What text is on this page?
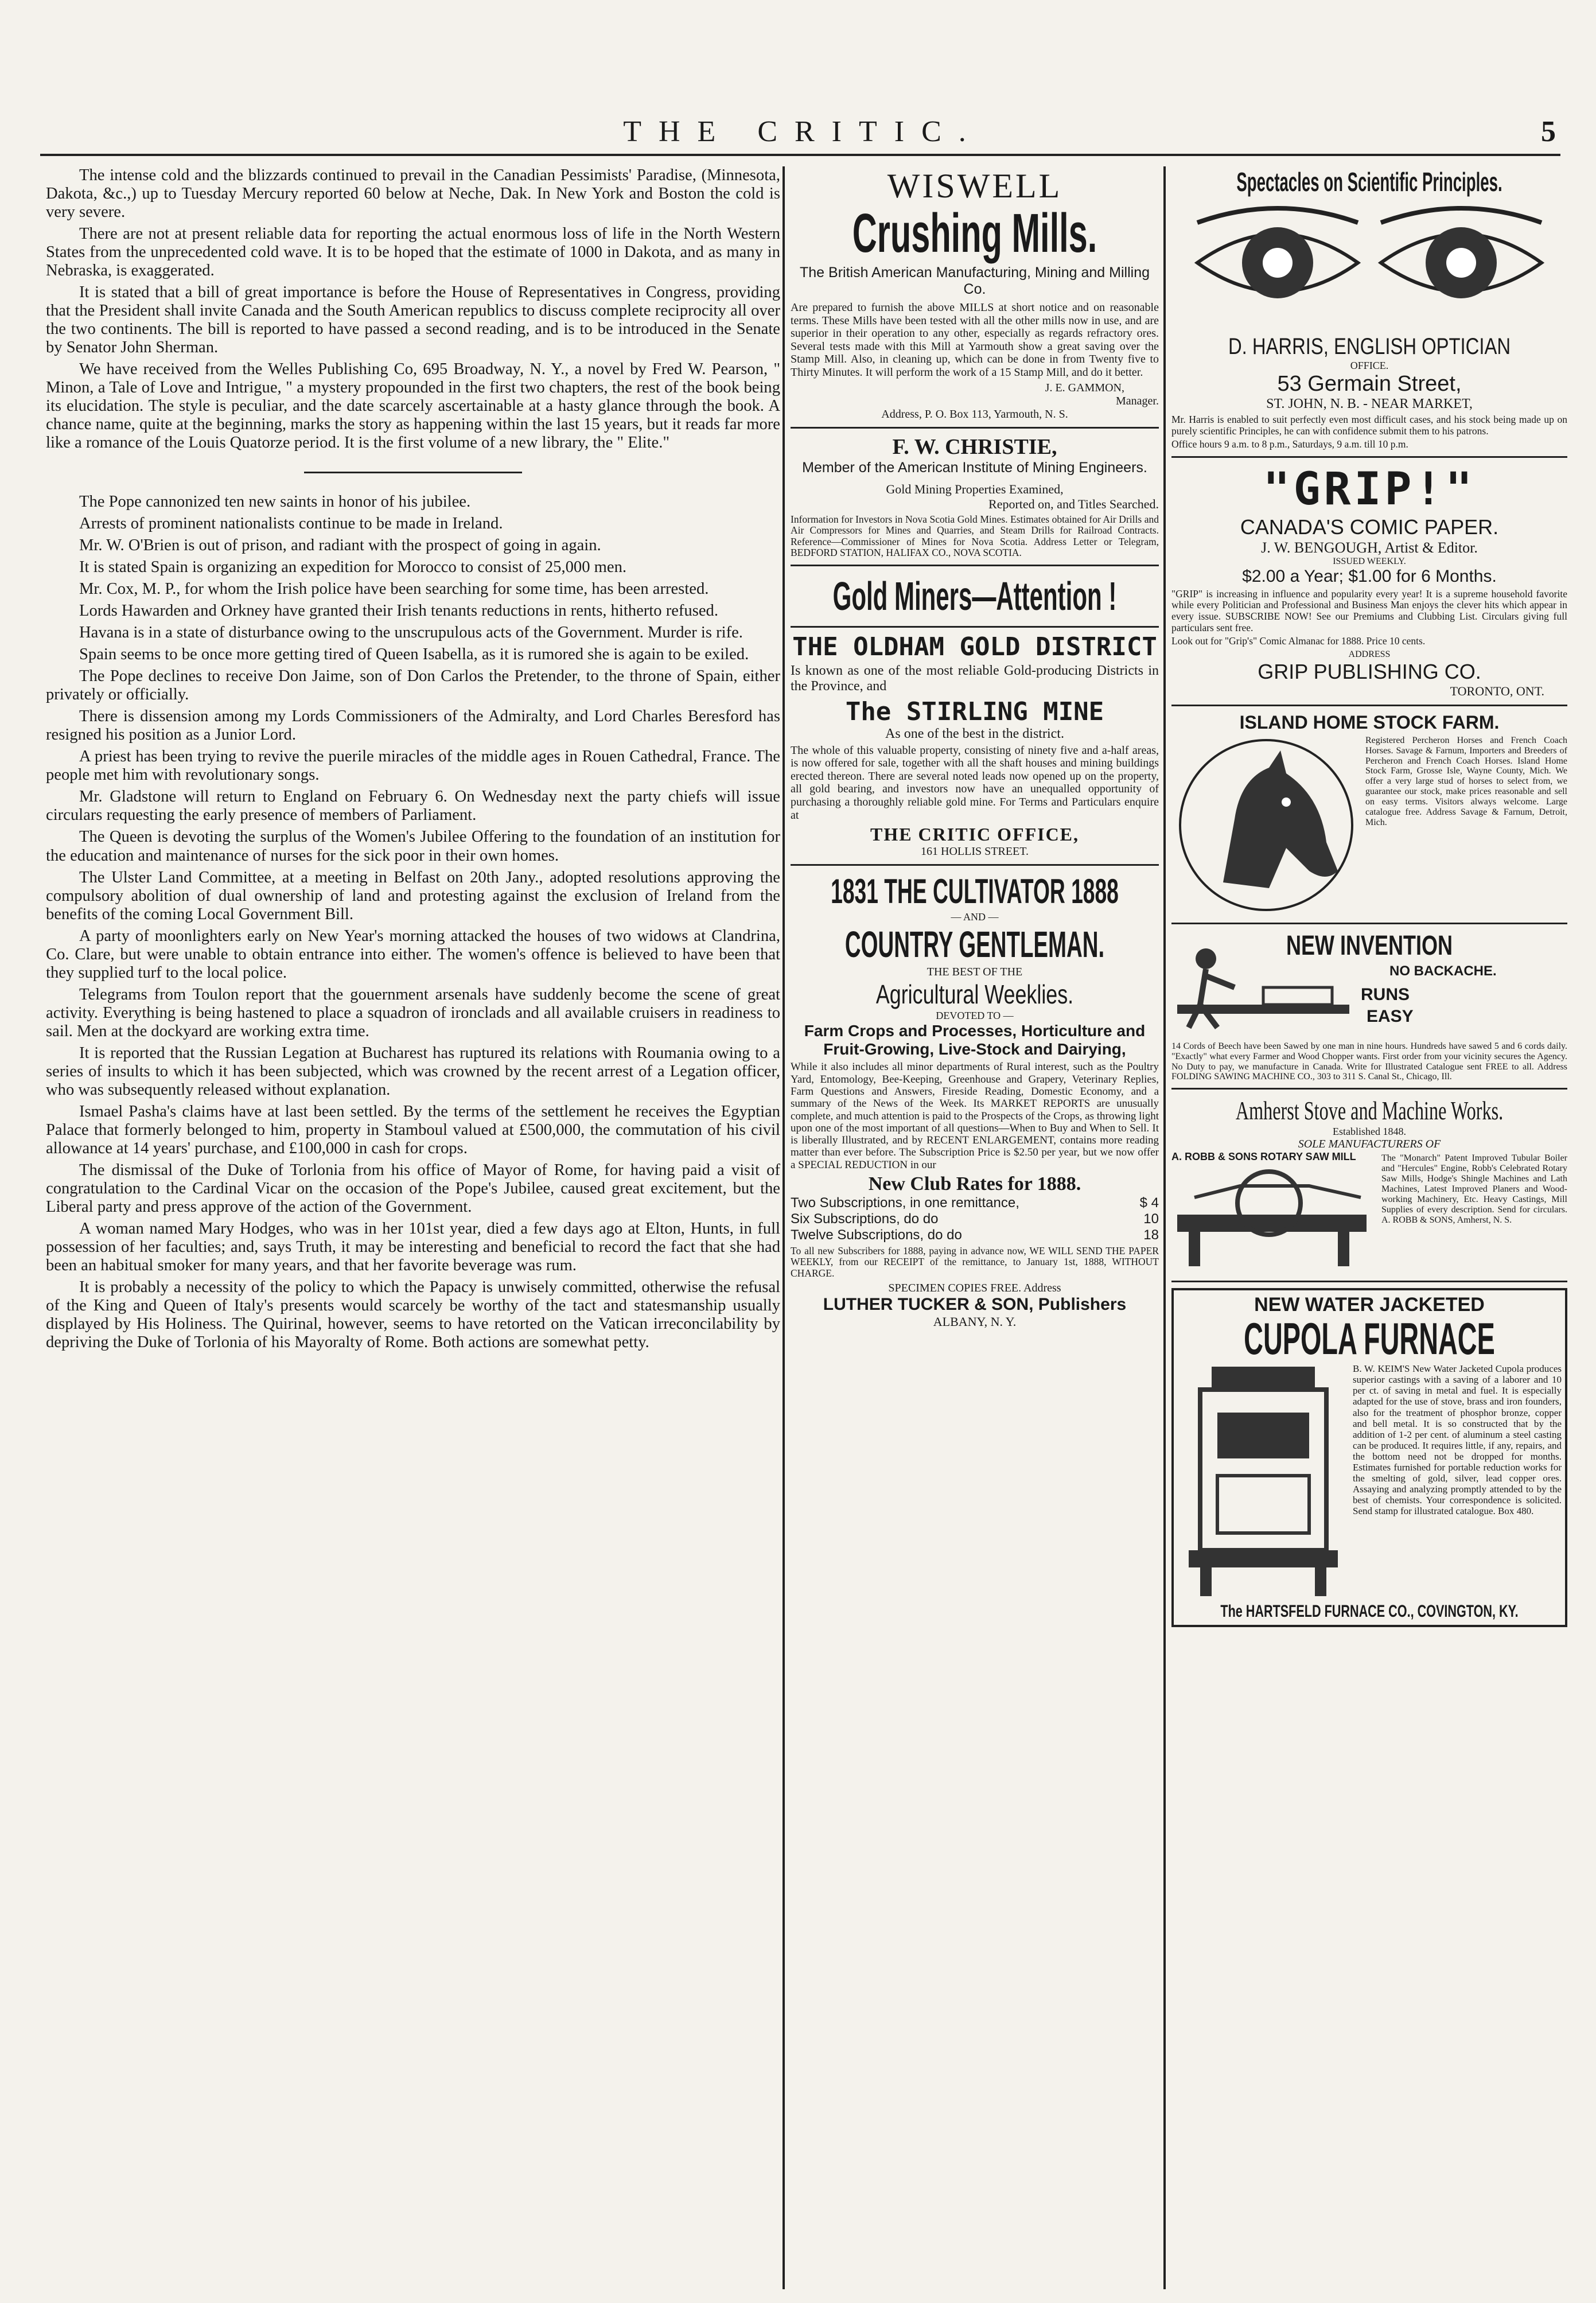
THE CRITIC.	5

The intense cold and the blizzards continued to prevail in the Canadian Pessimists' Paradise, (Minnesota, Dakota, &c.,) up to Tuesday Mercury reported 60 below at Neche, Dak. In New York and Boston the cold is very severe.

There are not at present reliable data for reporting the actual enormous loss of life in the North Western States from the unprecedented cold wave. It is to be hoped that the estimate of 1000 in Dakota, and as many in Nebraska, is exaggerated.

It is stated that a bill of great importance is before the House of Representatives in Congress, providing that the President shall invite Canada and the South American republics to discuss complete reciprocity all over the two continents. The bill is reported to have passed a second reading, and is to be introduced in the Senate by Senator John Sherman.

We have received from the Welles Publishing Co, 695 Broadway, N. Y., a novel by Fred W. Pearson, " Minon, a Tale of Love and Intrigue, " a mystery propounded in the first two chapters, the rest of the book being its elucidation. The style is peculiar, and the date scarcely ascertainable at a hasty glance through the book. A chance name, quite at the beginning, marks the story as happening within the last 15 years, but it reads far more like a romance of the Louis Quatorze period. It is the first volume of a new library, the " Elite."

The Pope cannonized ten new saints in honor of his jubilee.

Arrests of prominent nationalists continue to be made in Ireland.

Mr. W. O'Brien is out of prison, and radiant with the prospect of going in again.

It is stated Spain is organizing an expedition for Morocco to consist of 25,000 men.

Mr. Cox, M. P., for whom the Irish police have been searching for some time, has been arrested.

Lords Hawarden and Orkney have granted their Irish tenants reductions in rents, hitherto refused.

Havana is in a state of disturbance owing to the unscrupulous acts of the Government. Murder is rife.

Spain seems to be once more getting tired of Queen Isabella, as it is rumored she is again to be exiled.

The Pope declines to receive Don Jaime, son of Don Carlos the Pretender, to the throne of Spain, either privately or officially.

There is dissension among my Lords Commissioners of the Admiralty, and Lord Charles Beresford has resigned his position as a Junior Lord.

A priest has been trying to revive the puerile miracles of the middle ages in Rouen Cathedral, France. The people met him with revolutionary songs.

Mr. Gladstone will return to England on February 6. On Wednesday next the party chiefs will issue circulars requesting the early presence of members of Parliament.

The Queen is devoting the surplus of the Women's Jubilee Offering to the foundation of an institution for the education and maintenance of nurses for the sick poor in their own homes.

The Ulster Land Committee, at a meeting in Belfast on 20th Jany., adopted resolutions approving the compulsory abolition of dual ownership of land and protesting against the exclusion of Ireland from the benefits of the coming Local Government Bill.

A party of moonlighters early on New Year's morning attacked the houses of two widows at Clandrina, Co. Clare, but were unable to obtain entrance into either. The women's offence is believed to have been that they supplied turf to the local police.

Telegrams from Toulon report that the gouernment arsenals have suddenly become the scene of great activity. Everything is being hastened to place a squadron of ironclads and all available cruisers in readiness to sail. Men at the dockyard are working extra time.

It is reported that the Russian Legation at Bucharest has ruptured its relations with Roumania owing to a series of insults to which it has been subjected, which was crowned by the recent arrest of a Legation officer, who was subsequently released without explanation.

Ismael Pasha's claims have at last been settled. By the terms of the settlement he receives the Egyptian Palace that formerly belonged to him, property in Stamboul valued at £500,000, the commutation of his civil allowance at 14 years' purchase, and £100,000 in cash for crops.

The dismissal of the Duke of Torlonia from his office of Mayor of Rome, for having paid a visit of congratulation to the Cardinal Vicar on the occasion of the Pope's Jubilee, caused great excitement, but the Liberal party and press approve of the action of the Government.

A woman named Mary Hodges, who was in her 101st year, died a few days ago at Elton, Hunts, in full possession of her faculties; and, says Truth, it may be interesting and beneficial to record the fact that she had been an habitual smoker for many years, and that her favorite beverage was rum.

It is probably a necessity of the policy to which the Papacy is unwisely committed, otherwise the refusal of the King and Queen of Italy's presents would scarcely be worthy of the tact and statesmanship usually displayed by His Holiness. The Quirinal, however, seems to have retorted on the Vatican irreconcilability by depriving the Duke of Torlonia of his Mayoralty of Rome. Both actions are somewhat petty.

WISWELL
Crushing Mills.
The British American Manufacturing, Mining and Milling Co.
Are prepared to furnish the above MILLS at short notice and on reasonable terms. These Mills have been tested with all the other mills now in use, and are superior in their operation to any other, especially as regards refractory ores. Several tests made with this Mill at Yarmouth show a great saving over the Stamp Mill. Also, in cleaning up, which can be done in from Twenty five to Thirty Minutes. It will perform the work of a 15 Stamp Mill, and do it better.
J. E. GAMMON,
Manager.
Address, P. O. Box 113, Yarmouth, N. S.
F. W. CHRISTIE,
Member of the American Institute of Mining Engineers.
Gold Mining Properties Examined,
Reported on, and Titles Searched.
Information for Investors in Nova Scotia Gold Mines. Estimates obtained for Air Drills and Air Compressors for Mines and Quarries, and Steam Drills for Railroad Contracts. Reference—Commissioner of Mines for Nova Scotia. Address Letter or Telegram, BEDFORD STATION, HALIFAX CO., NOVA SCOTIA.
Gold Miners—Attention !
THE OLDHAM GOLD DISTRICT
Is known as one of the most reliable Gold-producing Districts in the Province, and
The STIRLING MINE
As one of the best in the district.
The whole of this valuable property, consisting of ninety five and a-half areas, is now offered for sale, together with all the shaft houses and mining buildings erected thereon. There are several noted leads now opened up on the property, all gold bearing, and investors now have an unequalled opportunity of purchasing a thoroughly reliable gold mine. For Terms and Particulars enquire at
THE CRITIC OFFICE,
161 HOLLIS STREET.
1831 THE CULTIVATOR 1888
— AND —
COUNTRY GENTLEMAN.
THE BEST OF THE
Agricultural Weeklies.
DEVOTED TO —
Farm Crops and Processes, Horticulture and Fruit-Growing, Live-Stock and Dairying,
While it also includes all minor departments of Rural interest, such as the Poultry Yard, Entomology, Bee-Keeping, Greenhouse and Grapery, Veterinary Replies, Farm Questions and Answers, Fireside Reading, Domestic Economy, and a summary of the News of the Week. Its MARKET REPORTS are unusually complete, and much attention is paid to the Prospects of the Crops, as throwing light upon one of the most important of all questions—When to Buy and When to Sell. It is liberally Illustrated, and by RECENT ENLARGEMENT, contains more reading matter than ever before. The Subscription Price is $2.50 per year, but we now offer a SPECIAL REDUCTION in our
New Club Rates for 1888.
Two Subscriptions, in one remittance,	$ 4
Six Subscriptions, do do	10
Twelve Subscriptions, do do	18
To all new Subscribers for 1888, paying in advance now, WE WILL SEND THE PAPER WEEKLY, from our RECEIPT of the remittance, to January 1st, 1888, WITHOUT CHARGE.
SPECIMEN COPIES FREE. Address
LUTHER TUCKER & SON, Publishers
ALBANY, N. Y.
Spectacles on Scientific Principles.
D. HARRIS, ENGLISH OPTICIAN
OFFICE.
53 Germain Street,
ST. JOHN, N. B. - NEAR MARKET,
Mr. Harris is enabled to suit perfectly even most difficult cases, and his stock being made up on purely scientific Principles, he can with confidence submit them to his patrons.
Office hours 9 a.m. to 8 p.m., Saturdays, 9 a.m. till 10 p.m.
"GRIP!"
CANADA'S COMIC PAPER.
J. W. BENGOUGH, Artist & Editor.
ISSUED WEEKLY.
$2.00 a Year; $1.00 for 6 Months.
"GRIP" is increasing in influence and popularity every year! It is a supreme household favorite while every Politician and Professional and Business Man enjoys the clever hits which appear in every issue. SUBSCRIBE NOW! See our Premiums and Clubbing List. Circulars giving full particulars sent free.
Look out for "Grip's" Comic Almanac for 1888. Price 10 cents.
ADDRESS
GRIP PUBLISHING CO.
TORONTO, ONT.
ISLAND HOME STOCK FARM.
Registered Percheron Horses and French Coach Horses. Savage & Farnum, Importers and Breeders of Percheron and French Coach Horses. Island Home Stock Farm, Grosse Isle, Wayne County, Mich. We offer a very large stud of horses to select from, we guarantee our stock, make prices reasonable and sell on easy terms. Visitors always welcome. Large catalogue free. Address Savage & Farnum, Detroit, Mich.
NEW INVENTION
NO BACKACHE.
RUNS
EASY
14 Cords of Beech have been Sawed by one man in nine hours. Hundreds have sawed 5 and 6 cords daily. "Exactly" what every Farmer and Wood Chopper wants. First order from your vicinity secures the Agency. No Duty to pay, we manufacture in Canada. Write for Illustrated Catalogue sent FREE to all. Address FOLDING SAWING MACHINE CO., 303 to 311 S. Canal St., Chicago, Ill.
Amherst Stove and Machine Works.
Established 1848.
SOLE MANUFACTURERS OF
A. ROBB & SONS ROTARY SAW MILL	The "Monarch" Patent Improved Tubular Boiler and "Hercules" Engine, Robb's Celebrated Rotary Saw Mills, Hodge's Shingle Machines and Lath Machines, Latest Improved Planers and Wood-working Machinery, Etc. Heavy Castings, Mill Supplies of every description. Send for circulars. A. ROBB & SONS, Amherst, N. S.
NEW WATER JACKETED
CUPOLA FURNACE
B. W. KEIM'S New Water Jacketed Cupola produces superior castings with a saving of a laborer and 10 per ct. of saving in metal and fuel. It is especially adapted for the use of stove, brass and iron founders, also for the treatment of phosphor bronze, copper and bell metal. It is so constructed that by the addition of 1-2 per cent. of aluminum a steel casting can be produced. It requires little, if any, repairs, and the bottom need not be dropped for months. Estimates furnished for portable reduction works for the smelting of gold, silver, lead copper ores. Assaying and analyzing promptly attended to by the best of chemists. Your correspondence is solicited. Send stamp for illustrated catalogue. Box 480.
The HARTSFELD FURNACE CO., COVINGTON, KY.
